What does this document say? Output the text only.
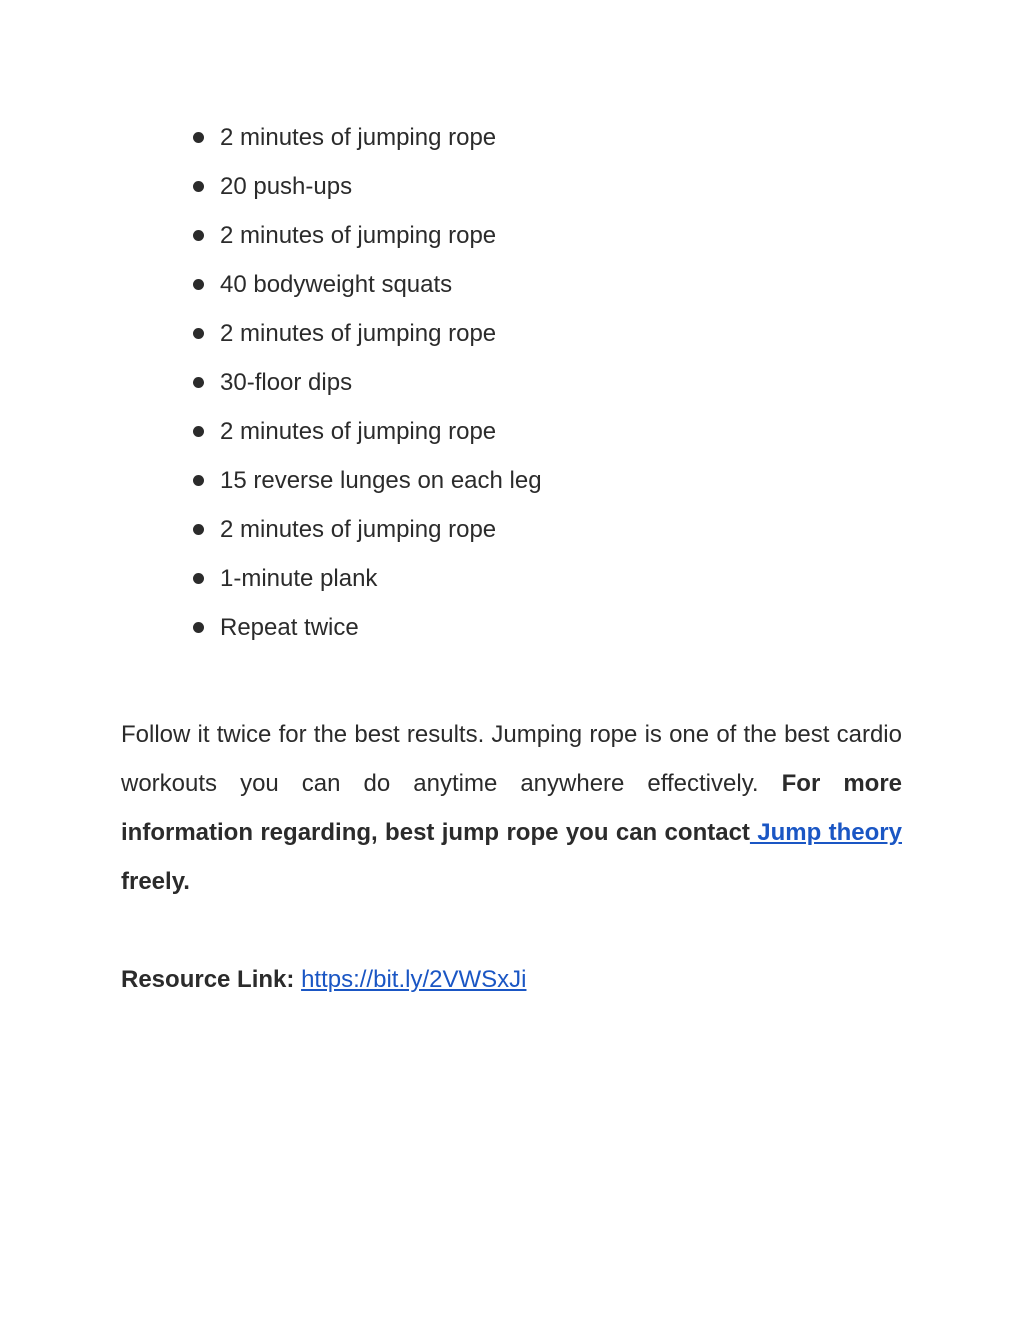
2 minutes of jumping rope
20 push-ups
2 minutes of jumping rope
40 bodyweight squats
2 minutes of jumping rope
30-floor dips
2 minutes of jumping rope
15 reverse lunges on each leg
2 minutes of jumping rope
1-minute plank
Repeat twice

Follow it twice for the best results. Jumping rope is one of the best cardio workouts you can do anytime anywhere effectively. For more information regarding, best jump rope you can contact Jump theory freely.

Resource Link: https://bit.ly/2VWSxJi
